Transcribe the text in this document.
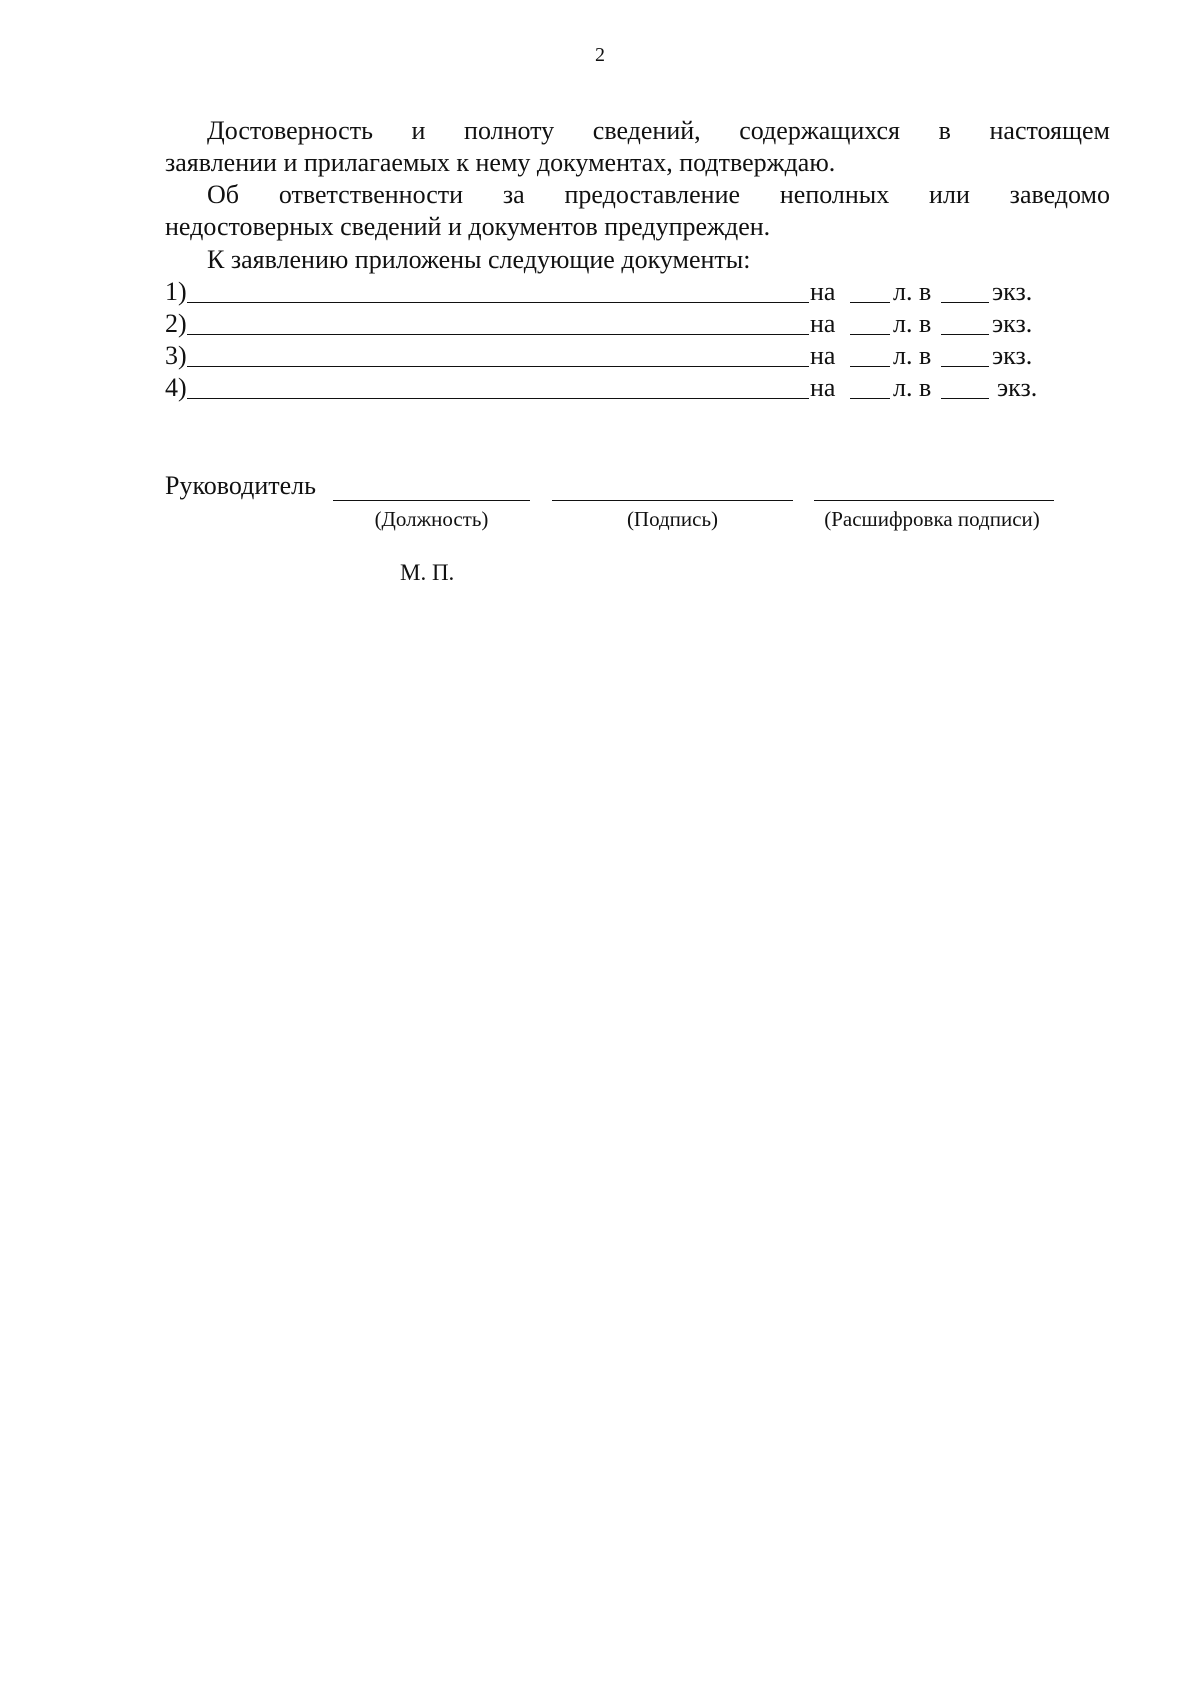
2
Достоверность и полноту сведений, содержащихся в настоящем
заявлении и прилагаемых к нему документах, подтверждаю.
Об ответственности за предоставление неполных или заведомо
недостоверных сведений и документов предупрежден.
К заявлению приложены следующие документы:
1)	на л. в экз.
2)	на л. в экз.
3)	на л. в экз.
4)	на л. в	экз.
Руководитель
(Должность)	(Подпись)	(Расшифровка подписи)
М. П.
